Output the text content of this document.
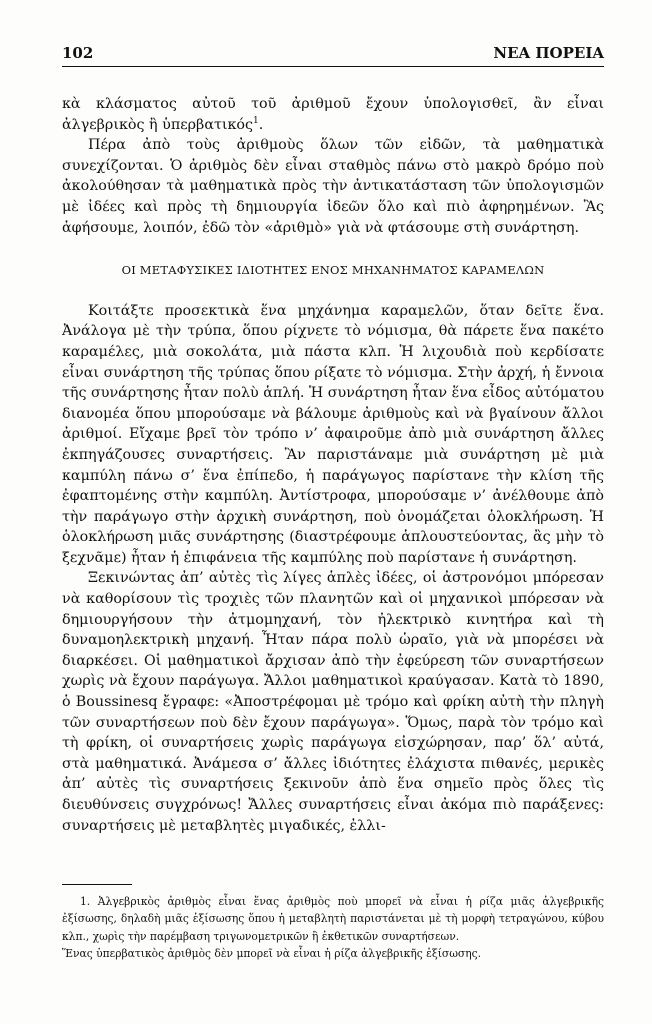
102	ΝΕΑ ΠΟΡΕΙΑ

κὰ κλάσματος αὐτοῦ τοῦ ἀριθμοῦ ἔχουν ὑπολογισθεῖ, ἂν εἶναι ἀλγεβρικὸς ἢ ὑπερβατικός$^1$.

Πέρα ἀπὸ τοὺς ἀριθμοὺς ὅλων τῶν εἰδῶν, τὰ μαθηματικὰ συνεχίζονται. Ὁ ἀριθμὸς δὲν εἶναι σταθμὸς πάνω στὸ μακρὸ δρόμο ποὺ ἀκολούθησαν τὰ μαθηματικὰ πρὸς τὴν ἀντικατάσταση τῶν ὑπολογισμῶν μὲ ἰδέες καὶ πρὸς τὴ δημιουργία ἰδεῶν ὅλο καὶ πιὸ ἀφηρημένων. Ἂς ἀφήσουμε, λοιπόν, ἐδῶ τὸν «ἀριθμὸ» γιὰ νὰ φτάσουμε στὴ συνάρτηση.

ΟΙ ΜΕΤΑΦΥΣΙΚΕΣ ΙΔΙΟΤΗΤΕΣ ΕΝΟΣ ΜΗΧΑΝΗΜΑΤΟΣ ΚΑΡΑΜΕΛΩΝ

Κοιτάξτε προσεκτικὰ ἕνα μηχάνημα καραμελῶν, ὅταν δεῖτε ἕνα. Ἀνάλογα μὲ τὴν τρύπα, ὅπου ρίχνετε τὸ νόμισμα, θὰ πάρετε ἕνα πακέτο καραμέλες, μιὰ σοκολάτα, μιὰ πάστα κλπ. Ἡ λιχουδιὰ ποὺ κερδίσατε εἶναι συνάρτηση τῆς τρύπας ὅπου ρίξατε τὸ νόμισμα. Στὴν ἀρχή, ἡ ἔννοια τῆς συνάρτησης ἦταν πολὺ ἁπλή. Ἡ συνάρτηση ἦταν ἕνα εἶδος αὐτόματου διανομέα ὅπου μπορούσαμε νὰ βάλουμε ἀριθμοὺς καὶ νὰ βγαίνουν ἄλλοι ἀριθμοί. Εἴχαμε βρεῖ τὸν τρόπο ν’ ἀφαιροῦμε ἀπὸ μιὰ συνάρτηση ἄλλες ἐκπηγάζουσες συναρτήσεις. Ἂν παριστάναμε μιὰ συνάρτηση μὲ μιὰ καμπύλη πάνω σ’ ἕνα ἐπίπεδο, ἡ παράγωγος παρίστανε τὴν κλίση τῆς ἐφαπτομένης στὴν καμπύλη. Ἀντίστροφα, μπορούσαμε ν’ ἀνέλθουμε ἀπὸ τὴν παράγωγο στὴν ἀρχικὴ συνάρτηση, ποὺ ὀνομάζεται ὁλοκλήρωση. Ἡ ὁλοκλήρωση μιᾶς συνάρτησης (διαστρέφουμε ἁπλουστεύοντας, ἂς μὴν τὸ ξεχνᾶμε) ἦταν ἡ ἐπιφάνεια τῆς καμπύλης ποὺ παρίστανε ἡ συνάρτηση.

Ξεκινώντας ἀπ’ αὐτὲς τὶς λίγες ἁπλὲς ἰδέες, οἱ ἀστρονόμοι μπόρεσαν νὰ καθορίσουν τὶς τροχιὲς τῶν πλανητῶν καὶ οἱ μηχανικοὶ μπόρεσαν νὰ δημιουργήσουν τὴν ἀτμομηχανή, τὸν ἠλεκτρικὸ κινητήρα καὶ τὴ δυναμοηλεκτρικὴ μηχανή. Ἦταν πάρα πολὺ ὡραῖο, γιὰ νὰ μπορέσει νὰ διαρκέσει. Οἱ μαθηματικοὶ ἄρχισαν ἀπὸ τὴν ἐφεύρεση τῶν συναρτήσεων χωρὶς νὰ ἔχουν παράγωγα. Ἄλλοι μαθηματικοὶ κραύγασαν. Κατὰ τὸ 1890, ὁ Boussinesq ἔγραφε: «Ἀποστρέφομαι μὲ τρόμο καὶ φρίκη αὐτὴ τὴν πληγὴ τῶν συναρτήσεων ποὺ δὲν ἔχουν παράγωγα». Ὅμως, παρὰ τὸν τρόμο καὶ τὴ φρίκη, οἱ συναρτήσεις χωρὶς παράγωγα εἰσχώρησαν, παρ’ ὅλ’ αὐτά, στὰ μαθηματικά. Ἀνάμεσα σ’ ἄλλες ἰδιότητες ἐλάχιστα πιθανές, μερικὲς ἀπ’ αὐτὲς τὶς συναρτήσεις ξεκινοῦν ἀπὸ ἕνα σημεῖο πρὸς ὅλες τὶς διευθύνσεις συγχρόνως! Ἄλλες συναρτήσεις εἶναι ἀκόμα πιὸ παράξενες: συναρτήσεις μὲ μεταβλητὲς μιγαδικές, ἐλλι-

1. Ἀλγεβρικὸς ἀριθμὸς εἶναι ἕνας ἀριθμὸς ποὺ μπορεῖ νὰ εἶναι ἡ ρίζα μιᾶς ἀλγεβρικῆς ἐξίσωσης, δηλαδὴ μιᾶς ἐξίσωσης ὅπου ἡ μεταβλητὴ παριστάνεται μὲ τὴ μορφὴ τετραγώνου, κύβου κλπ., χωρὶς τὴν παρέμβαση τριγωνομετρικῶν ἢ ἐκθετικῶν συναρτήσεων.

Ἕνας ὑπερβατικὸς ἀριθμὸς δὲν μπορεῖ νὰ εἶναι ἡ ρίζα ἀλγεβρικῆς ἐξίσωσης.
